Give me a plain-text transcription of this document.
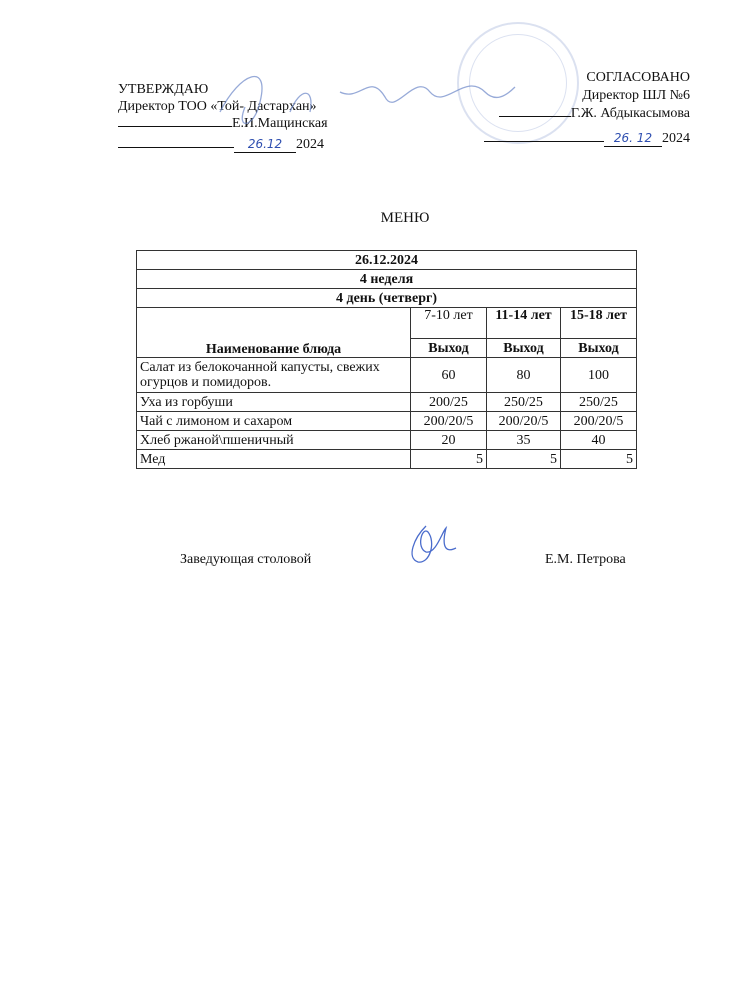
УТВЕРЖДАЮ
Директор ТОО «Той- Дастархан»
Е.И.Мащинская
26.12 2024
СОГЛАСОВАНО
Директор ШЛ №6
Г.Ж. Абдыкасымова
26. 12 2024
МЕНЮ
26.12.2024			
4 неделя			
4 день (четверг)			
Наименование блюда	7-10 лет	11-14 лет	15-18 лет
	Выход	Выход	Выход
Салат из белокочанной капусты, свежих огурцов и помидоров.	60	80	100
Уха из горбуши	200/25	250/25	250/25
Чай с лимоном и сахаром	200/20/5	200/20/5	200/20/5
Хлеб ржаной\пшеничный	20	35	40
Мед	5	5	5
Заведующая столовой	Е.М. Петрова
